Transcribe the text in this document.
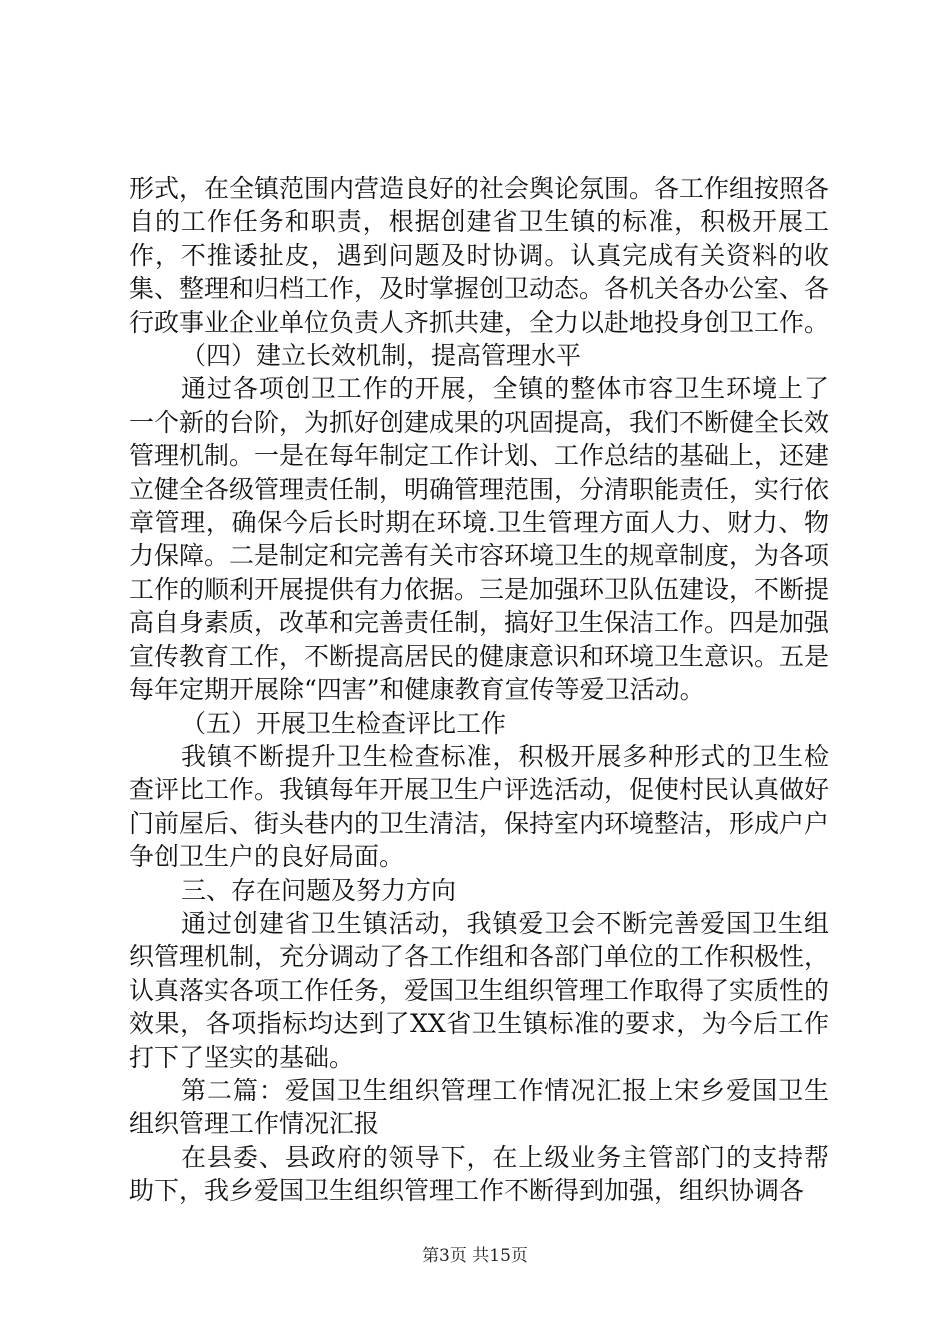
形式，在全镇范围内营造良好的社会舆论氛围。各工作组按照各自的工作任务和职责，根据创建省卫生镇的标准，积极开展工作，不推诿扯皮，遇到问题及时协调。认真完成有关资料的收集、整理和归档工作，及时掌握创卫动态。各机关各办公室、各行政事业企业单位负责人齐抓共建，全力以赴地投身创卫工作。

（四）建立长效机制，提高管理水平

通过各项创卫工作的开展，全镇的整体市容卫生环境上了一个新的台阶，为抓好创建成果的巩固提高，我们不断健全长效管理机制。一是在每年制定工作计划、工作总结的基础上，还建立健全各级管理责任制，明确管理范围，分清职能责任，实行依章管理，确保今后长时期在环境.卫生管理方面人力、财力、物力保障。二是制定和完善有关市容环境卫生的规章制度，为各项工作的顺利开展提供有力依据。三是加强环卫队伍建设，不断提高自身素质，改革和完善责任制，搞好卫生保洁工作。四是加强宣传教育工作，不断提高居民的健康意识和环境卫生意识。五是每年定期开展除“四害”和健康教育宣传等爱卫活动。

（五）开展卫生检查评比工作

我镇不断提升卫生检查标准，积极开展多种形式的卫生检查评比工作。我镇每年开展卫生户评选活动，促使村民认真做好门前屋后、街头巷内的卫生清洁，保持室内环境整洁，形成户户争创卫生户的良好局面。

三、存在问题及努力方向

通过创建省卫生镇活动，我镇爱卫会不断完善爱国卫生组织管理机制，充分调动了各工作组和各部门单位的工作积极性，认真落实各项工作任务，爱国卫生组织管理工作取得了实质性的效果，各项指标均达到了XX省卫生镇标准的要求，为今后工作打下了坚实的基础。

第二篇：爱国卫生组织管理工作情况汇报上宋乡爱国卫生组织管理工作情况汇报

在县委、县政府的领导下，在上级业务主管部门的支持帮助下，我乡爱国卫生组织管理工作不断得到加强，组织协调各

第3页 共15页
